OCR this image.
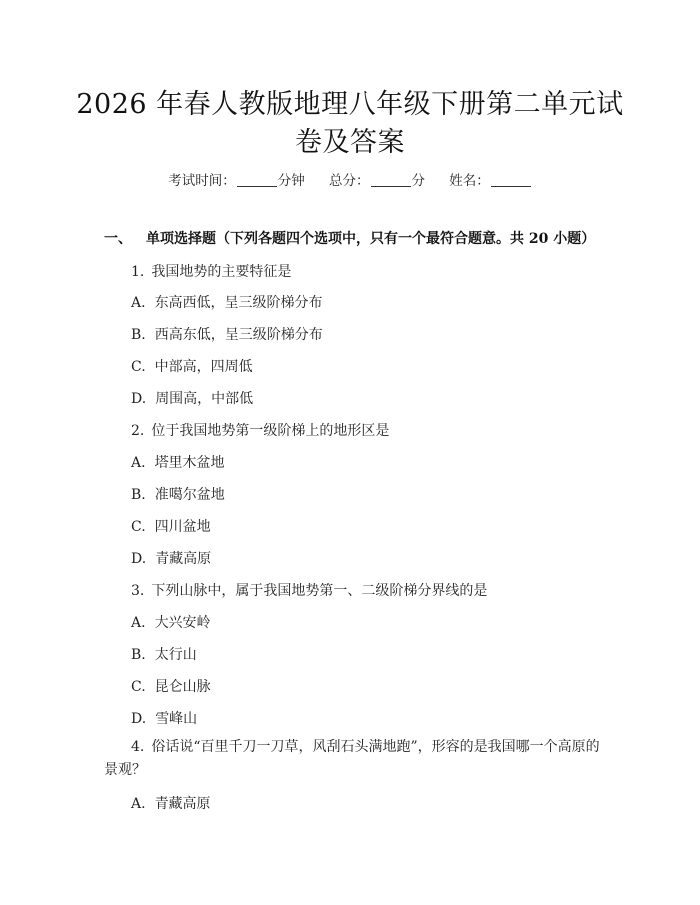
2026 年春人教版地理八年级下册第二单元试卷及答案
考试时间：	分钟 总分：	分 姓名：
一、 单项选择题（下列各题四个选项中，只有一个最符合题意。共 20 小题）
1. 我国地势的主要特征是
A. 东高西低，呈三级阶梯分布
B. 西高东低，呈三级阶梯分布
C. 中部高，四周低
D. 周围高，中部低
2. 位于我国地势第一级阶梯上的地形区是
A. 塔里木盆地
B. 准噶尔盆地
C. 四川盆地
D. 青藏高原
3. 下列山脉中，属于我国地势第一、二级阶梯分界线的是
A. 大兴安岭
B. 太行山
C. 昆仑山脉
D. 雪峰山
4. 俗话说“百里千刀一刀草，风刮石头满地跑”，形容的是我国哪一个高原的景观？
A. 青藏高原
